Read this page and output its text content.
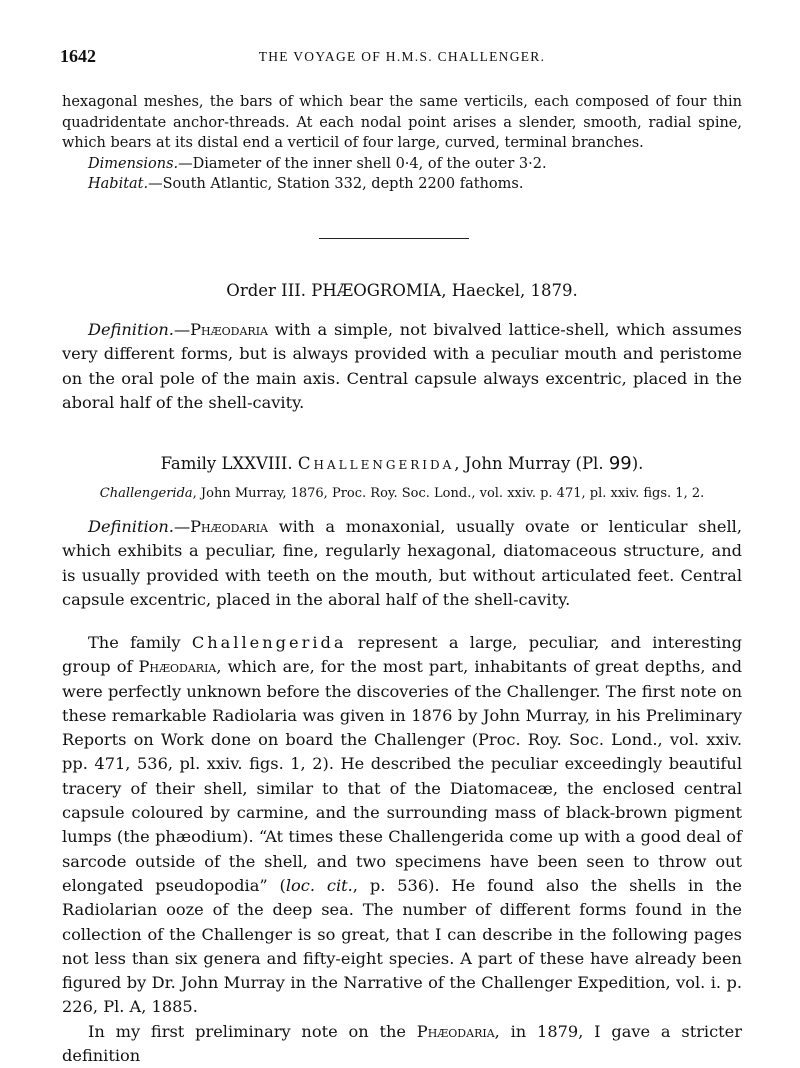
1642	THE VOYAGE OF H.M.S. CHALLENGER.

hexagonal meshes, the bars of which bear the same verticils, each composed of four thin quadridentate anchor-threads. At each nodal point arises a slender, smooth, radial spine, which bears at its distal end a verticil of four large, curved, terminal branches.

Dimensions.—Diameter of the inner shell 0·4, of the outer 3·2.

Habitat.—South Atlantic, Station 332, depth 2200 fathoms.

Order III. PHÆOGROMIA, Haeckel, 1879.

Definition.—Phæodaria with a simple, not bivalved lattice-shell, which assumes very different forms, but is always provided with a peculiar mouth and peristome on the oral pole of the main axis. Central capsule always excentric, placed in the aboral half of the shell-cavity.

Family LXXVIII. Challengerida, John Murray (Pl. 99).
Challengerida, John Murray, 1876, Proc. Roy. Soc. Lond., vol. xxiv. p. 471, pl. xxiv. figs. 1, 2.

Definition.—Phæodaria with a monaxonial, usually ovate or lenticular shell, which exhibits a peculiar, fine, regularly hexagonal, diatomaceous structure, and is usually provided with teeth on the mouth, but without articulated feet. Central capsule excentric, placed in the aboral half of the shell-cavity.

The family Challengerida represent a large, peculiar, and interesting group of Phæodaria, which are, for the most part, inhabitants of great depths, and were perfectly unknown before the discoveries of the Challenger. The first note on these remarkable Radiolaria was given in 1876 by John Murray, in his Preliminary Reports on Work done on board the Challenger (Proc. Roy. Soc. Lond., vol. xxiv. pp. 471, 536, pl. xxiv. figs. 1, 2). He described the peculiar exceedingly beautiful tracery of their shell, similar to that of the Diatomaceæ, the enclosed central capsule coloured by carmine, and the surrounding mass of black-brown pigment lumps (the phæodium). “At times these Challengerida come up with a good deal of sarcode outside of the shell, and two specimens have been seen to throw out elongated pseudopodia” (loc. cit., p. 536). He found also the shells in the Radiolarian ooze of the deep sea. The number of different forms found in the collection of the Challenger is so great, that I can describe in the following pages not less than six genera and fifty-eight species. A part of these have already been figured by Dr. John Murray in the Narrative of the Challenger Expedition, vol. i. p. 226, Pl. A, 1885.

In my first preliminary note on the Phæodaria, in 1879, I gave a stricter definition
